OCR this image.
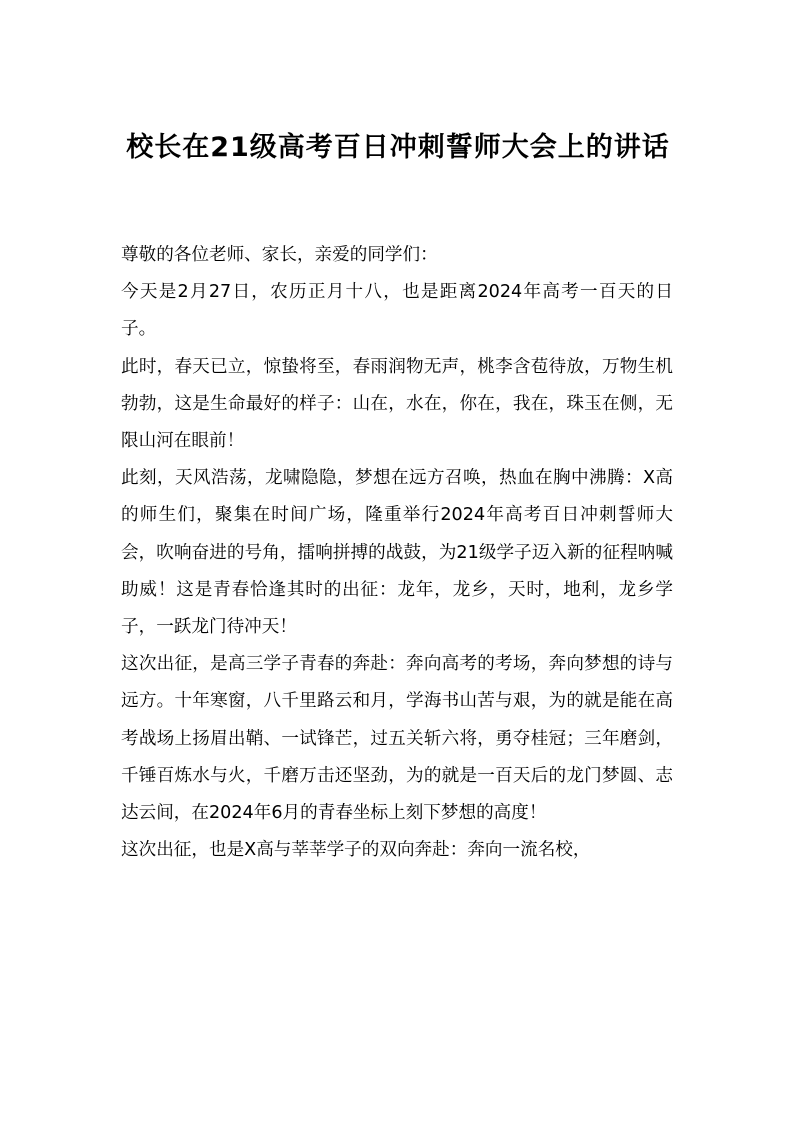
校长在21级高考百日冲刺誓师大会上的讲话

尊敬的各位老师、家长，亲爱的同学们：

今天是2月27日，农历正月十八，也是距离2024年高考一百天的日子。

此时，春天已立，惊蛰将至，春雨润物无声，桃李含苞待放，万物生机勃勃，这是生命最好的样子：山在，水在，你在，我在，珠玉在侧，无限山河在眼前！

此刻，天风浩荡，龙啸隐隐，梦想在远方召唤，热血在胸中沸腾：X高的师生们，聚集在时间广场，隆重举行2024年高考百日冲刺誓师大会，吹响奋进的号角，擂响拼搏的战鼓，为21级学子迈入新的征程呐喊助威！这是青春恰逢其时的出征：龙年，龙乡，天时，地利，龙乡学子，一跃龙门待冲天！

这次出征，是高三学子青春的奔赴：奔向高考的考场，奔向梦想的诗与远方。十年寒窗，八千里路云和月，学海书山苦与艰，为的就是能在高考战场上扬眉出鞘、一试锋芒，过五关斩六将，勇夺桂冠；三年磨剑，千锤百炼水与火，千磨万击还坚劲，为的就是一百天后的龙门梦圆、志达云间，在2024年6月的青春坐标上刻下梦想的高度！

这次出征，也是X高与莘莘学子的双向奔赴：奔向一流名校，
